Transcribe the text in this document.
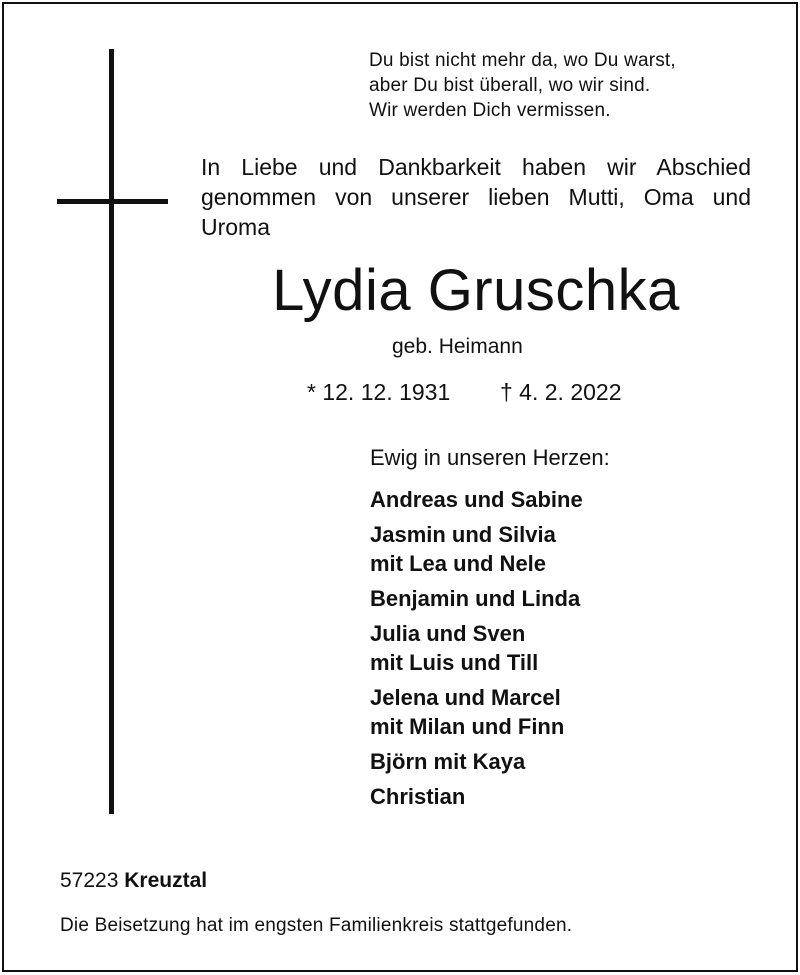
Du bist nicht mehr da, wo Du warst,
aber Du bist überall, wo wir sind.
Wir werden Dich vermissen.
In Liebe und Dankbarkeit haben wir Abschied
genommen von unserer lieben Mutti, Oma und
Uroma
Lydia Gruschka
geb. Heimann
* 12. 12. 1931 † 4. 2. 2022
Ewig in unseren Herzen:
Andreas und Sabine
Jasmin und Silvia
mit Lea und Nele
Benjamin und Linda
Julia und Sven
mit Luis und Till
Jelena und Marcel
mit Milan und Finn
Björn mit Kaya
Christian
57223 Kreuztal
Die Beisetzung hat im engsten Familienkreis stattgefunden.
